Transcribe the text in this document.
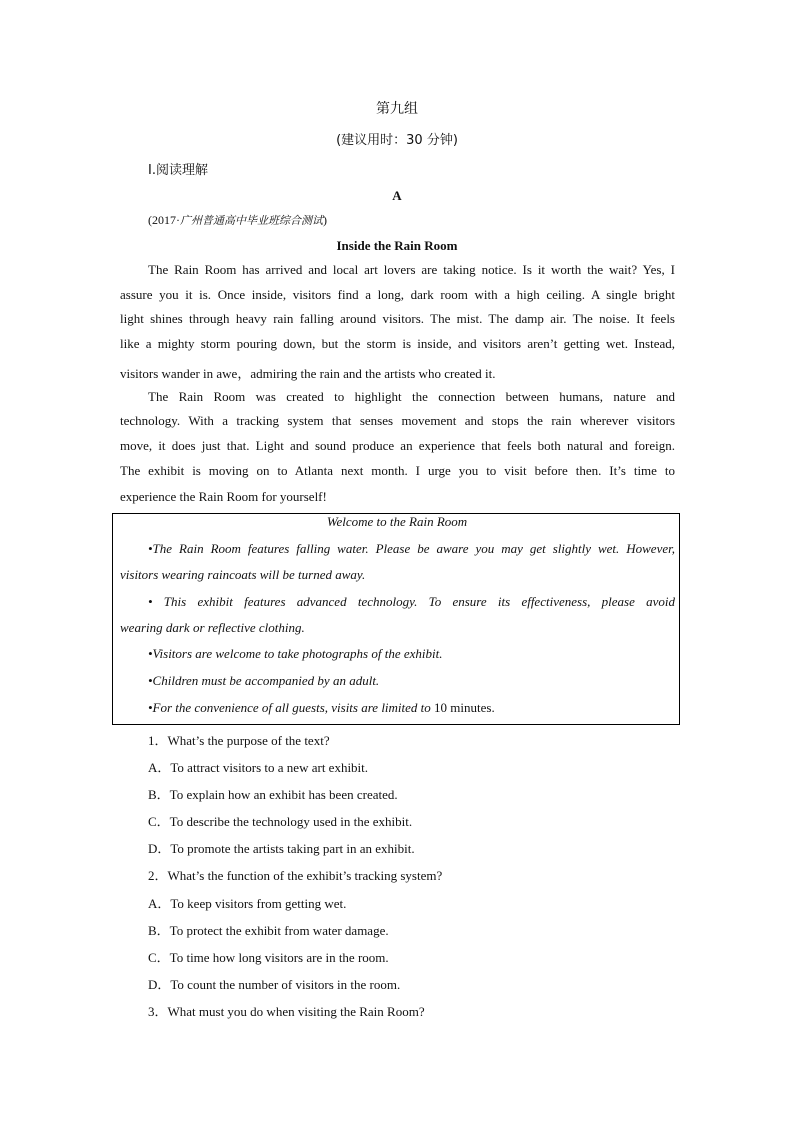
第九组
(建议用时：30 分钟)
Ⅰ.阅读理解
A
(2017·广州普通高中毕业班综合测试)
Inside the Rain Room
The Rain Room has arrived and local art lovers are taking notice. Is it worth the wait? Yes, I
assure you it is. Once inside, visitors find a long, dark room with a high ceiling. A single bright
light shines through heavy rain falling around visitors. The mist. The damp air. The noise. It feels
like a mighty storm pouring down, but the storm is inside, and visitors aren’t getting wet. Instead,
visitors wander in awe，admiring the rain and the artists who created it.
The Rain Room was created to highlight the connection between humans, nature and
technology. With a tracking system that senses movement and stops the rain wherever visitors
move, it does just that. Light and sound produce an experience that feels both natural and foreign.
The exhibit is moving on to Atlanta next month. I urge you to visit before then. It’s time to
experience the Rain Room for yourself!
Welcome to the Rain Room
•The Rain Room features falling water. Please be aware you may get slightly wet. However,
visitors wearing raincoats will be turned away.
• This exhibit features advanced technology. To ensure its effectiveness, please avoid
wearing dark or reflective clothing.
•Visitors are welcome to take photographs of the exhibit.
•Children must be accompanied by an adult.
•For the convenience of all guests, visits are limited to 10 minutes.
1．What’s the purpose of the text?
A．To attract visitors to a new art exhibit.
B．To explain how an exhibit has been created.
C．To describe the technology used in the exhibit.
D．To promote the artists taking part in an exhibit.
2．What’s the function of the exhibit’s tracking system?
A．To keep visitors from getting wet.
B．To protect the exhibit from water damage.
C．To time how long visitors are in the room.
D．To count the number of visitors in the room.
3．What must you do when visiting the Rain Room?
